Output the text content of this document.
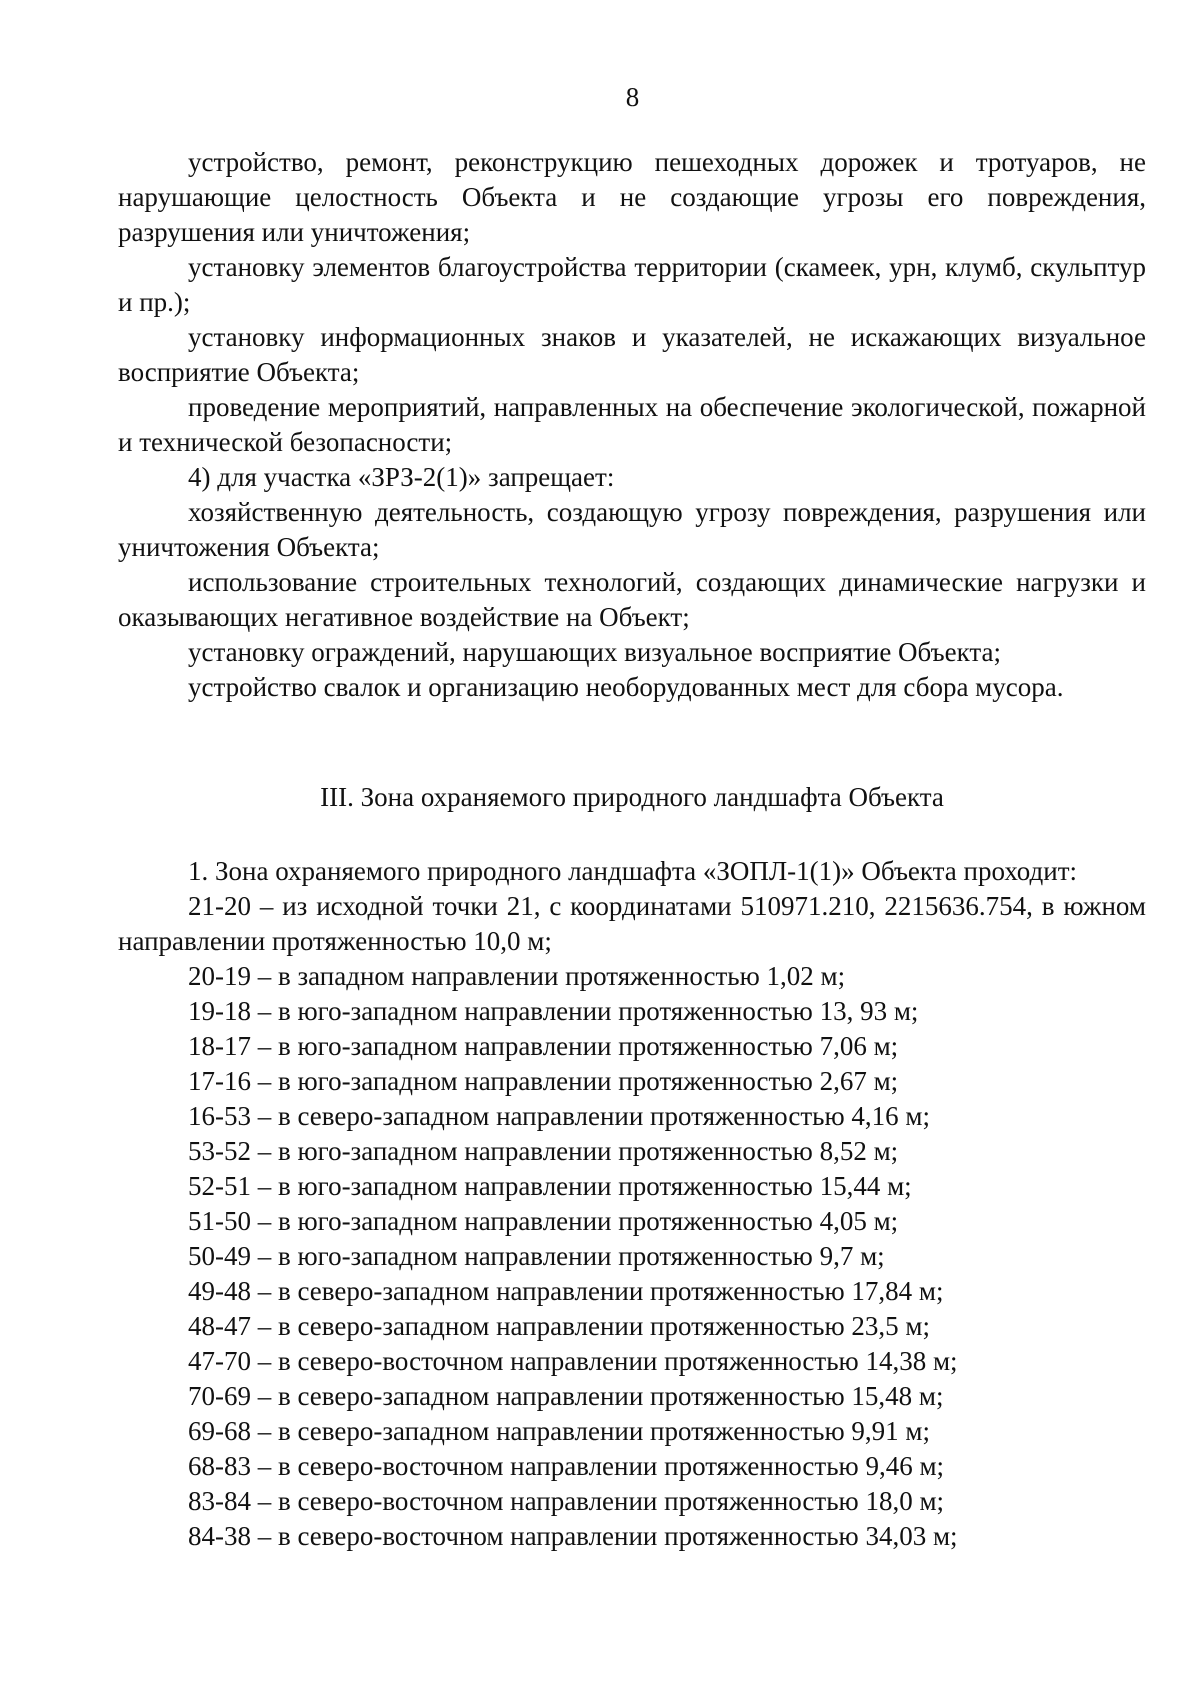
8

устройство, ремонт, реконструкцию пешеходных дорожек и тротуаров, не нарушающие целостность Объекта и не создающие угрозы его повреждения, разрушения или уничтожения;

установку элементов благоустройства территории (скамеек, урн, клумб, скульптур и пр.);

установку информационных знаков и указателей, не искажающих визуальное восприятие Объекта;

проведение мероприятий, направленных на обеспечение экологической, пожарной и технической безопасности;

4) для участка «ЗРЗ-2(1)» запрещает:

хозяйственную деятельность, создающую угрозу повреждения, разрушения или уничтожения Объекта;

использование строительных технологий, создающих динамические нагрузки и оказывающих негативное воздействие на Объект;

установку ограждений, нарушающих визуальное восприятие Объекта;

устройство свалок и организацию необорудованных мест для сбора мусора.

III. Зона охраняемого природного ландшафта Объекта

1. Зона охраняемого природного ландшафта «ЗОПЛ-1(1)» Объекта проходит:

21-20 – из исходной точки 21, с координатами 510971.210, 2215636.754, в южном направлении протяженностью 10,0 м;

20-19 – в западном направлении протяженностью 1,02 м;

19-18 – в юго-западном направлении протяженностью 13, 93 м;

18-17 – в юго-западном направлении протяженностью 7,06 м;

17-16 – в юго-западном направлении протяженностью 2,67 м;

16-53 – в северо-западном направлении протяженностью 4,16 м;

53-52 – в юго-западном направлении протяженностью 8,52 м;

52-51 – в юго-западном направлении протяженностью 15,44 м;

51-50 – в юго-западном направлении протяженностью 4,05 м;

50-49 – в юго-западном направлении протяженностью 9,7 м;

49-48 – в северо-западном направлении протяженностью 17,84 м;

48-47 – в северо-западном направлении протяженностью 23,5 м;

47-70 – в северо-восточном направлении протяженностью 14,38 м;

70-69 – в северо-западном направлении протяженностью 15,48 м;

69-68 – в северо-западном направлении протяженностью 9,91 м;

68-83 – в северо-восточном направлении протяженностью 9,46 м;

83-84 – в северо-восточном направлении протяженностью 18,0 м;

84-38 – в северо-восточном направлении протяженностью 34,03 м;
